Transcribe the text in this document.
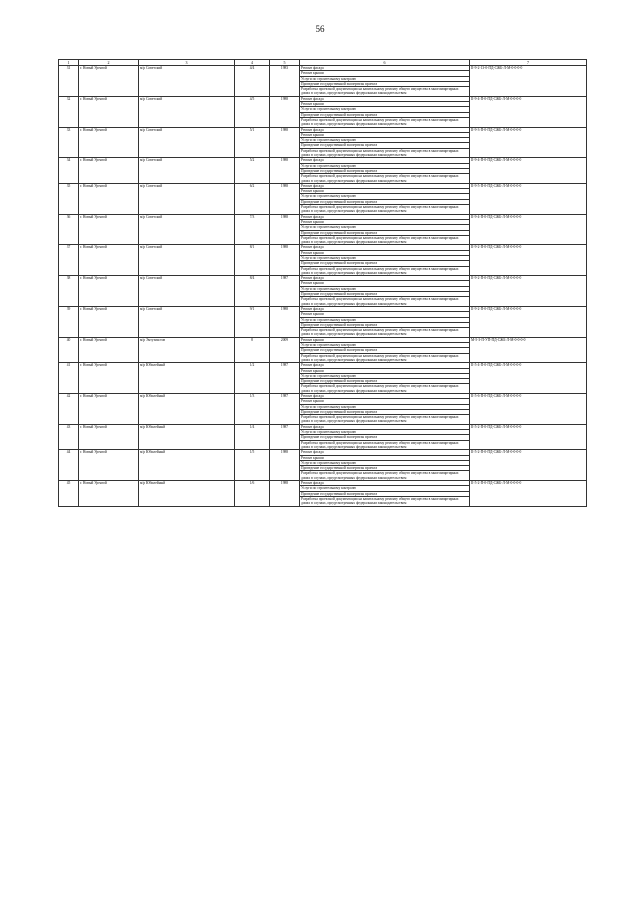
56
1	2	3	4	5	6	7
31	г. Новый Уренгой	м/р Советский	4/4	1983	Ремонт фасада
Ремонт крыши
Услуги по строительному контролю
Проведение государственной экспертизы проекта
Разработка проектной документации на капитальному ремонту общего имущества в многоквартирных домах в случаях, предусмотренных федеральным законодательством	II-9-2-13-0-ПД-СЖБ-Л-М-0-0-0-0
32	г. Новый Уренгой	м/р Советский	4/5	1988	Ремонт фасада
Ремонт крыши
Услуги по строительному контролю
Проведение государственной экспертизы проекта
Разработка проектной документации на капитальному ремонту общего имущества в многоквартирных домах в случаях, предусмотренных федеральным законодательством	II-9-4-П-0-ПД-СЖБ-Л-М-0-0-0-0
33	г. Новый Уренгой	м/р Советский	5/1	1988	Ремонт фасада
Ремонт крыши
Услуги по строительному контролю
Проведение государственной экспертизы проекта
Разработка проектной документации на капитальному ремонту общего имущества в многоквартирных домах в случаях, предусмотренных федеральным законодательством	II-9-3-П-0-ПД-СЖБ-Л-М-0-0-0-0
34	г. Новый Уренгой	м/р Советский	5/2	1988	Ремонт фасада
Услуги по строительному контролю
Проведение государственной экспертизы проекта
Разработка проектной документации на капитальному ремонту общего имущества в многоквартирных домах в случаях, предусмотренных федеральным законодательством	II-9-4-П-0-ПД-СЖБ-Л-М-0-0-0-0
35	г. Новый Уренгой	м/р Советский	6/2	1988	Ремонт фасада
Ремонт крыши
Услуги по строительному контролю
Проведение государственной экспертизы проекта
Разработка проектной документации на капитальному ремонту общего имущества в многоквартирных домах в случаях, предусмотренных федеральным законодательством	II-9-5-П-0-ПД-СЖБ-Л-М-0-0-0-0
36	г. Новый Уренгой	м/р Советский	7/3	1988	Ремонт фасада
Ремонт крыши
Услуги по строительному контролю
Проведение государственной экспертизы проекта
Разработка проектной документации на капитальному ремонту общего имущества в многоквартирных домах в случаях, предусмотренных федеральным законодательством	II-9-4-П-0-ПД-СЖБ-Л-М-0-0-0-0
37	г. Новый Уренгой	м/р Советский	8/1	1988	Ремонт фасада
Ремонт крыши
Услуги по строительному контролю
Проведение государственной экспертизы проекта
Разработка проектной документации на капитальному ремонту общего имущества в многоквартирных домах в случаях, предусмотренных федеральным законодательством	II-9-2-П-0-ПД-СЖБ-Л-М-0-0-0-0
38	г. Новый Уренгой	м/р Советский	8/4	1987	Ремонт фасада
Ремонт крыши
Услуги по строительному контролю
Проведение государственной экспертизы проекта
Разработка проектной документации на капитальному ремонту общего имущества в многоквартирных домах в случаях, предусмотренных федеральным законодательством	II-9-2-П-0-ПД-СЖБ-Л-М-0-0-0-0
39	г. Новый Уренгой	м/р Советский	9/1	1988	Ремонт фасада
Ремонт крыши
Услуги по строительному контролю
Проведение государственной экспертизы проекта
Разработка проектной документации на капитальному ремонту общего имущества в многоквартирных домах в случаях, предусмотренных федеральным законодательством	II-9-2-П-0-ПД-СЖБ-Л-М-0-0-0-0
40	г. Новый Уренгой	м/р Энтузиастов	8	2009	Ремонт крыши
Услуги по строительному контролю
Проведение государственной экспертизы проекта
Разработка проектной документации на капитальному ремонту общего имущества в многоквартирных домах в случаях, предусмотренных федеральным законодательством	М-5-3-П-УП-ПД-СЖБ-Л-М-0-0-0-0
41	г. Новый Уренгой	м/р Юбилейный	1/2	1987	Ремонт фасада
Ремонт крыши
Услуги по строительному контролю
Проведение государственной экспертизы проекта
Разработка проектной документации на капитальному ремонту общего имущества в многоквартирных домах в случаях, предусмотренных федеральным законодательством	II-5-4-П-0-ПД-СЖБ-Л-М-0-0-0-0
42	г. Новый Уренгой	м/р Юбилейный	1/3	1987	Ремонт фасада
Ремонт крыши
Услуги по строительному контролю
Проведение государственной экспертизы проекта
Разработка проектной документации на капитальному ремонту общего имущества в многоквартирных домах в случаях, предусмотренных федеральным законодательством	II-5-6-П-0-ПД-СЖБ-Л-М-0-0-0-0
43	г. Новый Уренгой	м/р Юбилейный	1/4	1987	Ремонт фасада
Услуги по строительному контролю
Проведение государственной экспертизы проекта
Разработка проектной документации на капитальному ремонту общего имущества в многоквартирных домах в случаях, предусмотренных федеральным законодательством	II-5-2-П-0-ПД-СЖБ-Л-М-0-0-0-0
44	г. Новый Уренгой	м/р Юбилейный	1/5	1988	Ремонт фасада
Ремонт крыши
Услуги по строительному контролю
Проведение государственной экспертизы проекта
Разработка проектной документации на капитальному ремонту общего имущества в многоквартирных домах в случаях, предусмотренных федеральным законодательством	II-5-2-П-0-ПД-СЖБ-Л-М-0-0-0-0
45	г. Новый Уренгой	м/р Юбилейный	1/6	1988	Ремонт фасада
Услуги по строительному контролю
Проведение государственной экспертизы проекта
Разработка проектной документации на капитальному ремонту общего имущества в многоквартирных домах в случаях, предусмотренных федеральным законодательством	II-5-2-П-0-ПД-СЖБ-Л-М-0-0-0-0
